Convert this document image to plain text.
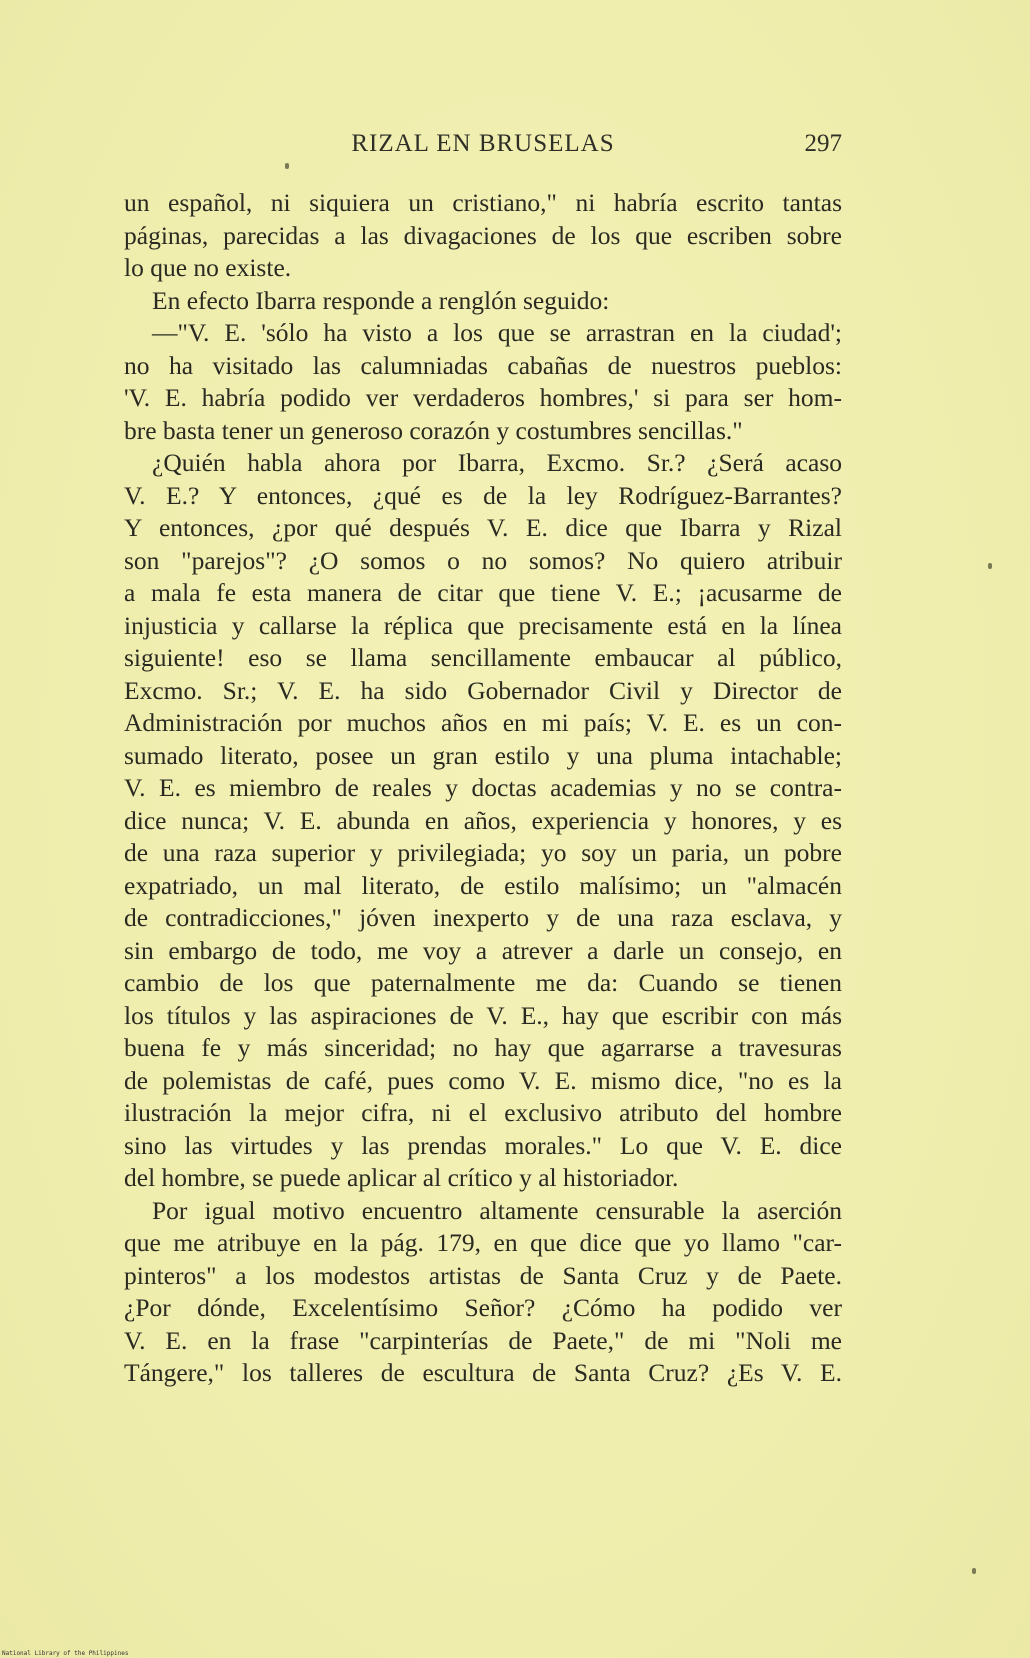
RIZAL EN BRUSELAS	297
un español, ni siquiera un cristiano," ni habría escrito tantas
páginas, parecidas a las divagaciones de los que escriben sobre
lo que no existe.
En efecto Ibarra responde a renglón seguido:
—"V. E. 'sólo ha visto a los que se arrastran en la ciudad';
no ha visitado las calumniadas cabañas de nuestros pueblos:
'V. E. habría podido ver verdaderos hombres,' si para ser hom-
bre basta tener un generoso corazón y costumbres sencillas."
¿Quién habla ahora por Ibarra, Excmo. Sr.? ¿Será acaso
V. E.? Y entonces, ¿qué es de la ley Rodríguez-Barrantes?
Y entonces, ¿por qué después V. E. dice que Ibarra y Rizal
son "parejos"? ¿O somos o no somos? No quiero atribuir
a mala fe esta manera de citar que tiene V. E.; ¡acusarme de
injusticia y callarse la réplica que precisamente está en la línea
siguiente! eso se llama sencillamente embaucar al público,
Excmo. Sr.; V. E. ha sido Gobernador Civil y Director de
Administración por muchos años en mi país; V. E. es un con-
sumado literato, posee un gran estilo y una pluma intachable;
V. E. es miembro de reales y doctas academias y no se contra-
dice nunca; V. E. abunda en años, experiencia y honores, y es
de una raza superior y privilegiada; yo soy un paria, un pobre
expatriado, un mal literato, de estilo malísimo; un "almacén
de contradicciones," jóven inexperto y de una raza esclava, y
sin embargo de todo, me voy a atrever a darle un consejo, en
cambio de los que paternalmente me da: Cuando se tienen
los títulos y las aspiraciones de V. E., hay que escribir con más
buena fe y más sinceridad; no hay que agarrarse a travesuras
de polemistas de café, pues como V. E. mismo dice, "no es la
ilustración la mejor cifra, ni el exclusivo atributo del hombre
sino las virtudes y las prendas morales." Lo que V. E. dice
del hombre, se puede aplicar al crítico y al historiador.
Por igual motivo encuentro altamente censurable la aserción
que me atribuye en la pág. 179, en que dice que yo llamo "car-
pinteros" a los modestos artistas de Santa Cruz y de Paete.
¿Por dónde, Excelentísimo Señor? ¿Cómo ha podido ver
V. E. en la frase "carpinterías de Paete," de mi "Noli me
Tángere," los talleres de escultura de Santa Cruz? ¿Es V. E.
National Library of the Philippines
